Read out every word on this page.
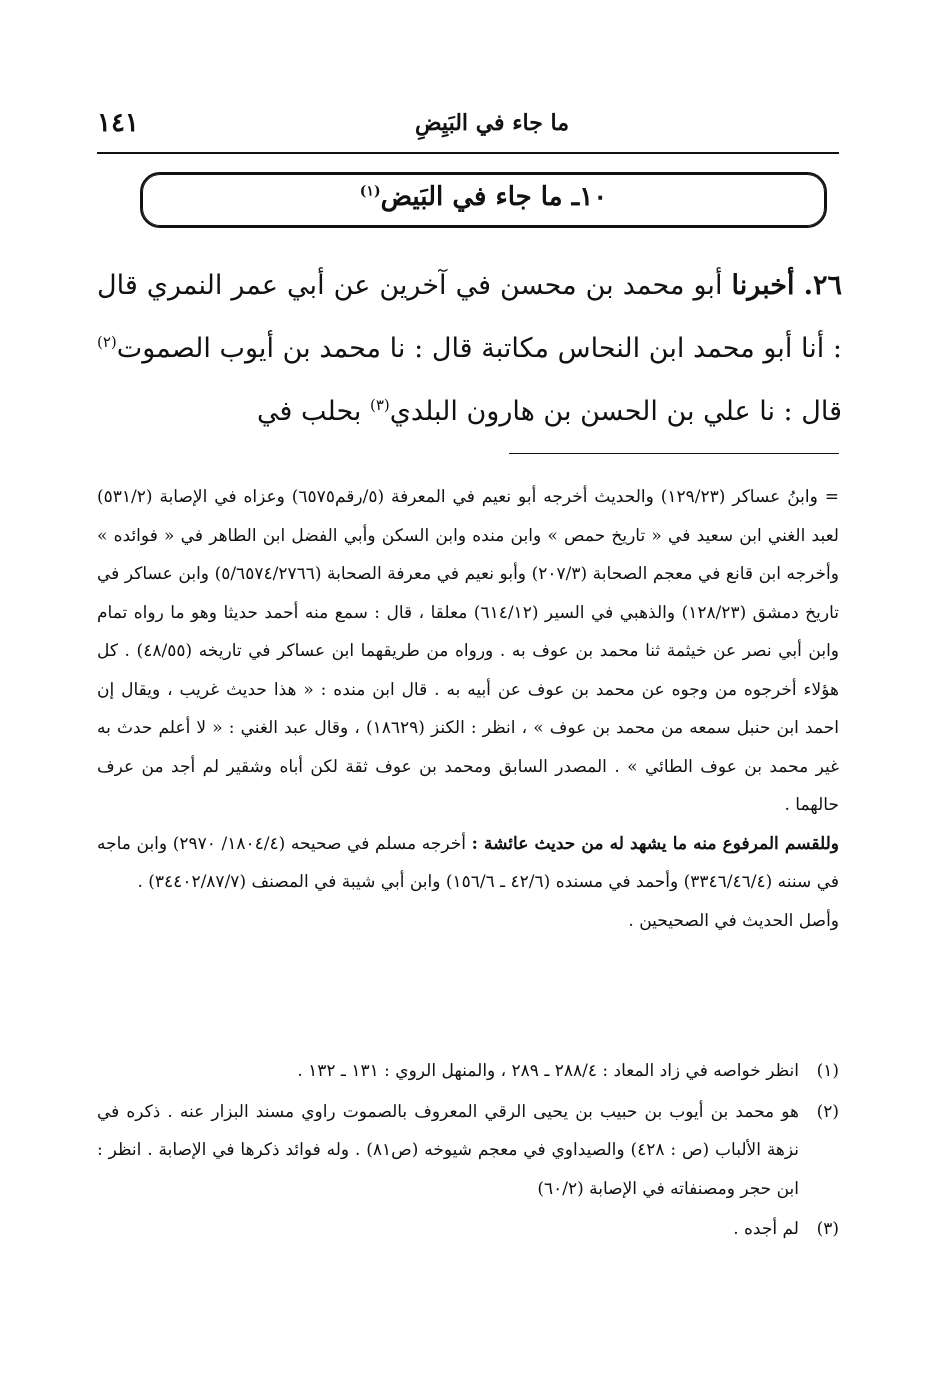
ما جاء في البَيِضِ
١٤١
١٠ـ ما جاء في البَيض$^{(١)}$
٢٦. أخبرنا أبو محمد بن محسن في آخرين عن أبي عمر النمري قال : أنا أبو محمد ابن النحاس مكاتبة قال : نا محمد بن أيوب الصموت$^{(٢)}$ قال : نا علي بن الحسن بن هارون البلدي$^{(٣)}$ بحلب في

= وابنُ عساكر (١٢٩/٢٣) والحديث أخرجه أبو نعيم في المعرفة (٥/رقم٦٥٧٥) وعزاه في الإصابة (٥٣١/٢) لعبد الغني ابن سعيد في « تاريخ حمص » وابن منده وابن السكن وأبي الفضل ابن الطاهر في « فوائده » وأخرجه ابن قانع في معجم الصحابة (٢٠٧/٣) وأبو نعيم في معرفة الصحابة (٥/٦٥٧٤/٢٧٦٦) وابن عساكر في تاريخ دمشق (١٢٨/٢٣) والذهبي في السير (٦١٤/١٢) معلقا ، قال : سمع منه أحمد حديثا وهو ما رواه تمام وابن أبي نصر عن خيثمة ثنا محمد بن عوف به . ورواه من طريقهما ابن عساكر في تاريخه (٤٨/٥٥) . كل هؤلاء أخرجوه من وجوه عن محمد بن عوف عن أبيه به . قال ابن منده : « هذا حديث غريب ، ويقال إن احمد ابن حنبل سمعه من محمد بن عوف » ، انظر : الكنز (١٨٦٢٩) ، وقال عبد الغني : « لا أعلم حدث به غير محمد بن عوف الطائي » . المصدر السابق ومحمد بن عوف ثقة لكن أباه وشقير لم أجد من عرف حالهما .

وللقسم المرفوع منه ما يشهد له من حديث عائشة : أخرجه مسلم في صحيحه (١٨٠٤/٤/ ٢٩٧٠) وابن ماجه في سننه (٣٣٤٦/٤٦/٤) وأحمد في مسنده (٤٢/٦ ـ ١٥٦/٦) وابن أبي شيبة في المصنف (٣٤٤٠٢/٨٧/٧) .

وأصل الحديث في الصحيحين .

(١)
انظر خواصه في زاد المعاد : ٢٨٨/٤ ـ ٢٨٩ ، والمنهل الروي : ١٣١ ـ ١٣٢ .
(٢)
هو محمد بن أيوب بن حبيب بن يحيى الرقي المعروف بالصموت راوي مسند البزار عنه . ذكره في نزهة الألباب (ص : ٤٢٨) والصيداوي في معجم شيوخه (ص٨١) . وله فوائد ذكرها في الإصابة . انظر : ابن حجر ومصنفاته في الإصابة (٦٠/٢)
(٣)
لم أجده .
